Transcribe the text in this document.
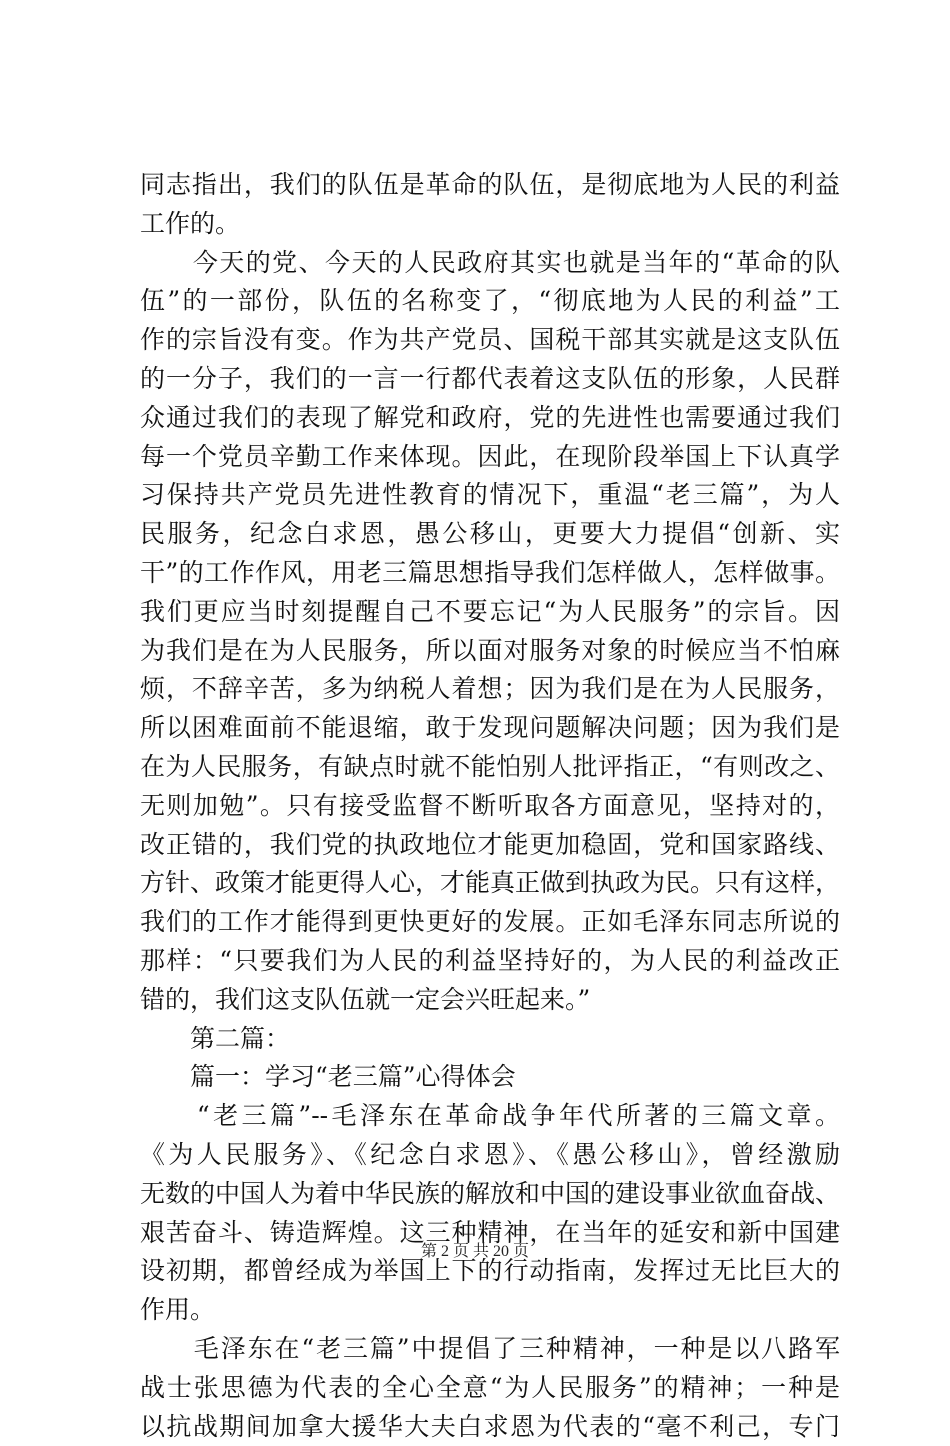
同志指出，我们的队伍是革命的队伍，是彻底地为人民的利益
工作的。
　　今天的党、今天的人民政府其实也就是当年的“革命的队
伍”的一部份，队伍的名称变了，“彻底地为人民的利益”工
作的宗旨没有变。作为共产党员、国税干部其实就是这支队伍
的一分子，我们的一言一行都代表着这支队伍的形象，人民群
众通过我们的表现了解党和政府，党的先进性也需要通过我们
每一个党员辛勤工作来体现。因此，在现阶段举国上下认真学
习保持共产党员先进性教育的情况下，重温“老三篇”，为人
民服务，纪念白求恩，愚公移山，更要大力提倡“创新、实
干”的工作作风，用老三篇思想指导我们怎样做人，怎样做事。
我们更应当时刻提醒自己不要忘记“为人民服务”的宗旨。因
为我们是在为人民服务，所以面对服务对象的时候应当不怕麻
烦，不辞辛苦，多为纳税人着想；因为我们是在为人民服务，
所以困难面前不能退缩，敢于发现问题解决问题；因为我们是
在为人民服务，有缺点时就不能怕别人批评指正，“有则改之、
无则加勉”。只有接受监督不断听取各方面意见，坚持对的，
改正错的，我们党的执政地位才能更加稳固，党和国家路线、
方针、政策才能更得人心，才能真正做到执政为民。只有这样，
我们的工作才能得到更快更好的发展。正如毛泽东同志所说的
那样：“只要我们为人民的利益坚持好的，为人民的利益改正
错的，我们这支队伍就一定会兴旺起来。”
　　第二篇：
　　篇一：学习“老三篇”心得体会
　　“老三篇”--毛泽东在革命战争年代所著的三篇文章。
《为人民服务》、《纪念白求恩》、《愚公移山》，曾经激励
无数的中国人为着中华民族的解放和中国的建设事业欲血奋战、
艰苦奋斗、铸造辉煌。这三种精神，在当年的延安和新中国建
设初期，都曾经成为举国上下的行动指南，发挥过无比巨大的
作用。
　　毛泽东在“老三篇”中提倡了三种精神，一种是以八路军
战士张思德为代表的全心全意“为人民服务”的精神；一种是
以抗战期间加拿大援华大夫白求恩为代表的“毫不利己，专门
第 2 页 共 20 页
